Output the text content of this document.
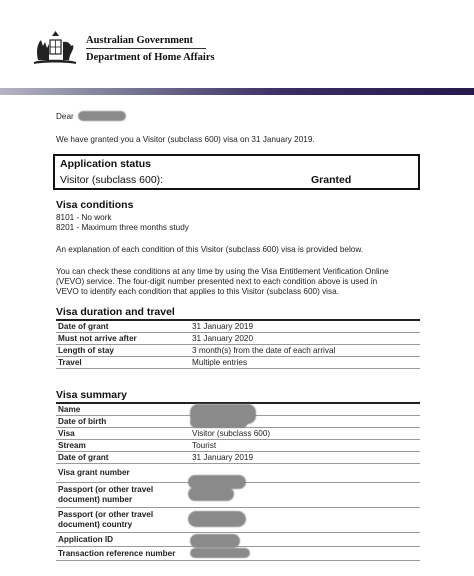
Australian Government
Department of Home Affairs
Dear
We have granted you a Visitor (subclass 600) visa on 31 January 2019.
Application status
Visitor (subclass 600):	Granted
Visa conditions
8101 - No work
8201 - Maximum three months study
An explanation of each condition of this Visitor (subclass 600) visa is provided below.
You can check these conditions at any time by using the Visa Entitlement Verification Online
(VEVO) service. The four-digit number presented next to each condition above is used in
VEVO to identify each condition that applies to this Visitor (subclass 600) visa.
Visa duration and travel
Date of grant	31 January 2019
Must not arrive after	31 January 2020
Length of stay	3 month(s) from the date of each arrival
Travel	Multiple entries
Visa summary
Name
Date of birth
Visa	Visitor (subclass 600)
Stream	Tourist
Date of grant	31 January 2019
Visa grant number
Passport (or other travel document) number
Passport (or other travel document) country
Application ID
Transaction reference number
